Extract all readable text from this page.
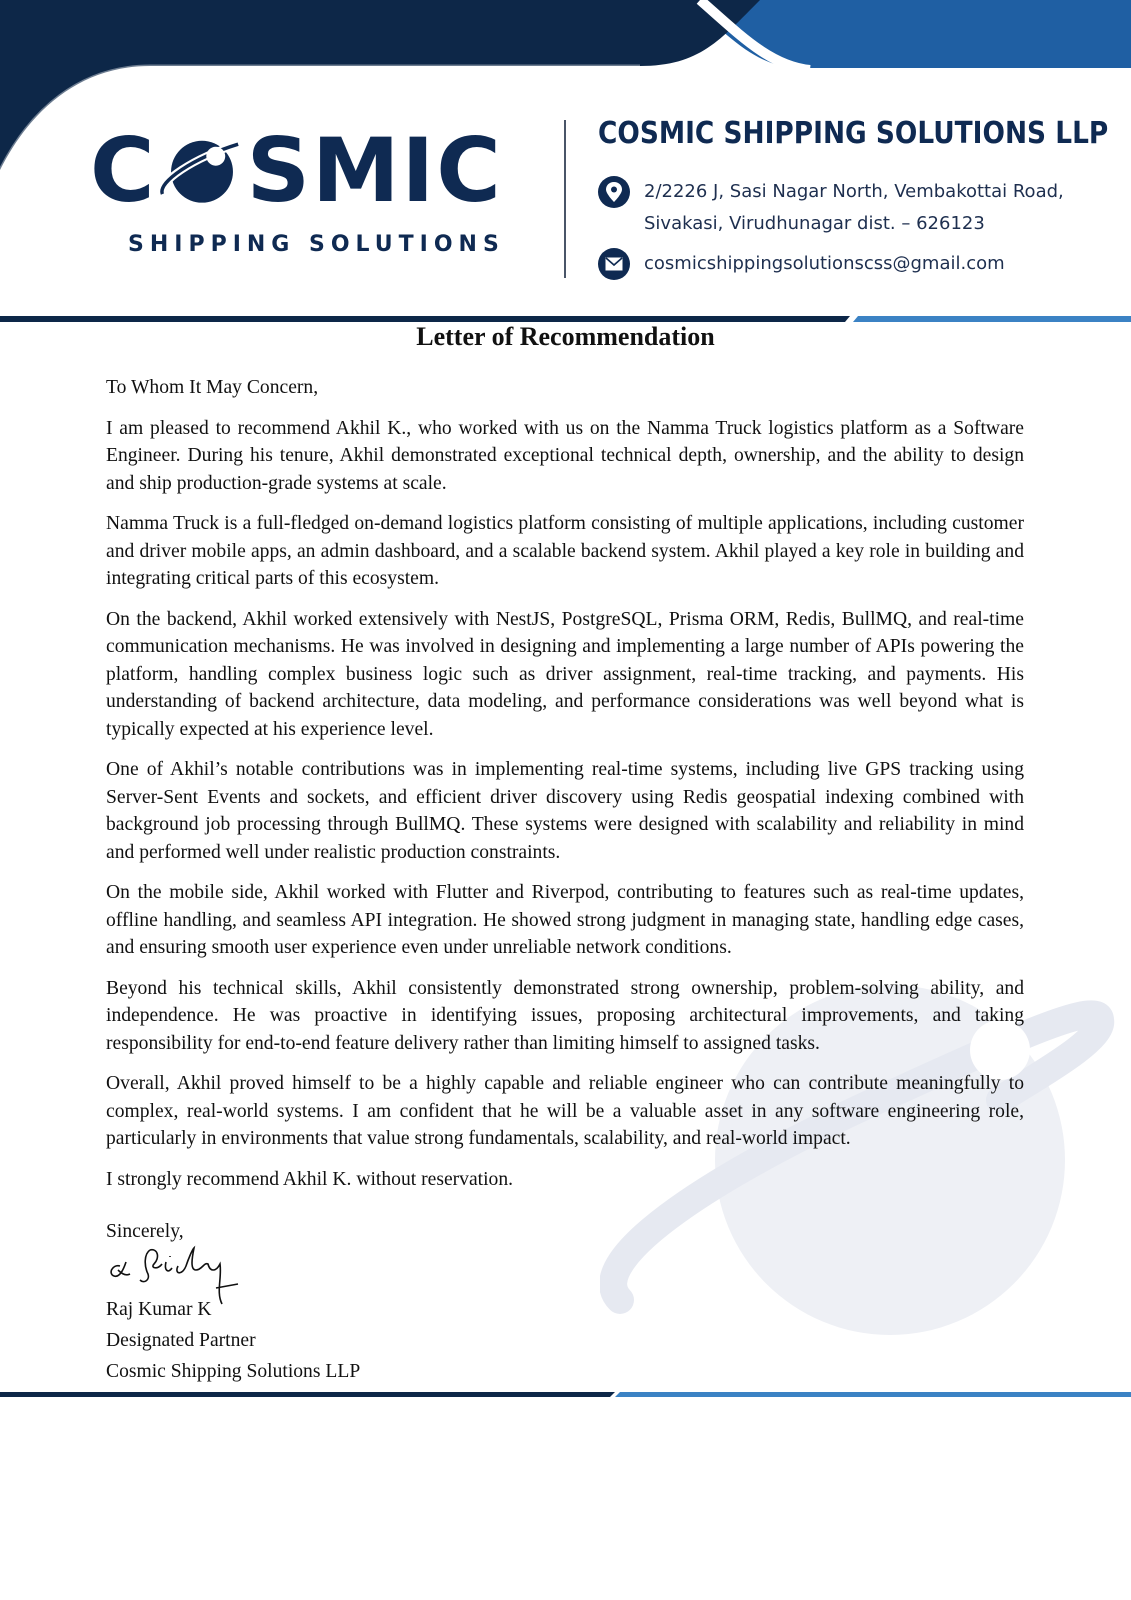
C SMIC
SHIPPING SOLUTIONS
COSMIC SHIPPING SOLUTIONS LLP
2/2226 J, Sasi Nagar North, Vembakottai Road,
Sivakasi, Virudhunagar dist. – 626123
cosmicshippingsolutionscss@gmail.com
Letter of Recommendation

To Whom It May Concern,

I am pleased to recommend Akhil K., who worked with us on the Namma Truck logistics platform as a Software Engineer. During his tenure, Akhil demonstrated exceptional technical depth, ownership, and the ability to design and ship production-grade systems at scale.

Namma Truck is a full-fledged on-demand logistics platform consisting of multiple applications, including customer and driver mobile apps, an admin dashboard, and a scalable backend system. Akhil played a key role in building and integrating critical parts of this ecosystem.

On the backend, Akhil worked extensively with NestJS, PostgreSQL, Prisma ORM, Redis, BullMQ, and real-time communication mechanisms. He was involved in designing and implementing a large number of APIs powering the platform, handling complex business logic such as driver assignment, real-time tracking, and payments. His understanding of backend architecture, data modeling, and performance considerations was well beyond what is typically expected at his experience level.

One of Akhil’s notable contributions was in implementing real-time systems, including live GPS tracking using Server-Sent Events and sockets, and efficient driver discovery using Redis geospatial indexing combined with background job processing through BullMQ. These systems were designed with scalability and reliability in mind and performed well under realistic production constraints.

On the mobile side, Akhil worked with Flutter and Riverpod, contributing to features such as real-time updates, offline handling, and seamless API integration. He showed strong judgment in managing state, handling edge cases, and ensuring smooth user experience even under unreliable network conditions.

Beyond his technical skills, Akhil consistently demonstrated strong ownership, problem-solving ability, and independence. He was proactive in identifying issues, proposing architectural improvements, and taking responsibility for end-to-end feature delivery rather than limiting himself to assigned tasks.

Overall, Akhil proved himself to be a highly capable and reliable engineer who can contribute meaningfully to complex, real-world systems. I am confident that he will be a valuable asset in any software engineering role, particularly in environments that value strong fundamentals, scalability, and real-world impact.

I strongly recommend Akhil K. without reservation.

Sincerely,
Raj Kumar K
Designated Partner
Cosmic Shipping Solutions LLP
